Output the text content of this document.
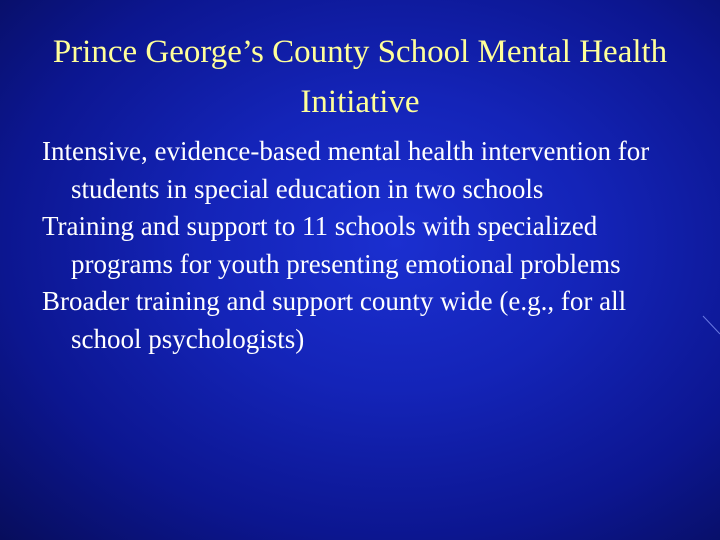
Prince George’s County School Mental Health Initiative
Intensive, evidence-based mental health intervention for students in special education in two schools
Training and support to 11 schools with specialized programs for youth presenting emotional problems
Broader training and support county wide (e.g., for all school psychologists)
